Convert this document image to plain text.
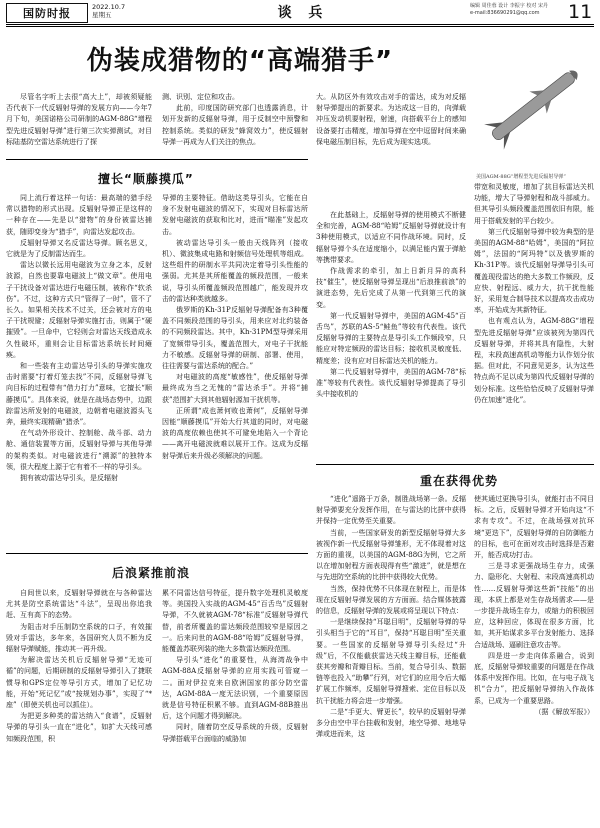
国防时报	2022.10.7
星期五	谈 兵	编辑 周佳蓉 设计 李振宇 校对 宋丹
e-mail:836690291@qq.com	11
伪装成猎物的“高端猎手”
美国AGM-88G“增程型先进反辐射导弹”

尽管名字听上去很“高大上”，却被须疑能否代表下一代反辐射导弹的发展方向——今年7月下旬，美国诺格公司研制的AGM-88G“增程型先进反辐射导弹”进行第三次实弹测试，对目标陆基防空雷达系统进行了探

测、识别、定位和攻击。

此前，印度国防研究部门也透露消息，计划开发新的反辐射导弹，用于反制空中预警和控制系统。类似的研发“蜂窝效力”，使反辐射导弹一再成为人们关注的焦点。

大。从防区外有效攻击对手的雷达，成为对反辐射导弹提出的新要求。为达成这一目的，向弹载冲压发动机要射程，射速，向搭载平台上的感知设备要打击精度，增加导弹在空中逗留时间来确保电磁压制目标，先后成为现实选项。

擅长“顺藤摸瓜”

同上流行着这样一句话：最高端的猎手经常以猎物的形式出现。反辐射导弹正是这样的一种存在——先是以“猎物”的身份被雷达捕获，随即变身为“猎手”，向雷达发起攻击。

反辐射导弹又名反雷达导弹。顾名思义，它就是为了反制雷达而生。

雷达以微长远用电磁波为立身之本，反射波源，自然也要靠电磁波上“做文章”。使用电子干扰设备对雷达进行电磁压制，被称作“软杀伤”。不过，这种方式只“管得了一时”，管不了长久。如果相关技术不过关，还会被对方的电子干扰规避；反辐射导弹实施打击，则属于“硬摧毁”。一旦命中，它轻则会对雷达天线造成永久性破坏，重则会让目标雷达系统长时间瘫痪。

和一些装有主动雷达导引头的导弹实施攻击时需要“打着灯笼去找”不同，反辐射导弹飞向目标的过程带有“借力打力”意味，它擅长“顺藤摸瓜”。具体来说，就是在战场态势中，边跟踪雷达所发射的电磁波，边朝着电磁波源头飞奔，最终实现精确“猎杀”。

在气动外形设计、控制舱、战斗部、动力舱、通信装置等方面，反辐射导弹与其他导弹的架构类似。对电磁波进行“溯源”的独特本领，很大程度上源于它有着不一样的导引头。

拥有被动雷达导引头，是反辐射

导弹的主要特征。借助这类导引头，它能在自身不发射电磁波的情况下，实现对目标雷达所发射电磁波的获取和比对，进而“瞄准”发起攻击。

被动雷达导引头一般由天线阵列（接收机）、微波集成电路和射频信号处理机等组成。这些组件的研制水平共同决定着导引头性能的强弱。尤其是其所能覆盖的频段范围，一般来说，导引头所覆盖频段范围越广，能发现并攻击的雷达种类就越多。

俄罗斯的Kh-31P反辐射导弹配备有3种覆盖不同频段范围的导引头，用来应对北约装备的不同频段雷达。其中，Kh-31PM型导弹采用了宽频带导引头，覆盖范围大，对电子干扰能力不敏感。反辐射导弹的研制、部署、使用，往往需要与雷达系统的配合。”

对电磁波的高度“敏感性”，使反辐射导弹最终成为当之无愧的“雷达杀手”。并将“捕获”范围扩大到其他辐射源加干扰机等。

正所谓“成也萧何败也萧何”，反辐射导弹因能“顺藤摸瓜”开始大行其道的同时，对电磁波的高度依赖也使其不可避免地陷入一个背论——离开电磁波就难以展开工作。这成为反辐射导弹后来升级必须解决的问题。

在此基础上，反辐射导弹的使用模式不断健全和完善，AGM-88“哈姆”反辐射导弹就设计有3种使用模式，以适应不同作战环境。同时，反辐射导弹个头在适度缩小，以满足能内置于弹舱等携带要求。

作战需求的牵引，加上日新月异的高科技“催生”，使反辐射导弹呈现出“后浪推前浪”的演进态势，先后完成了从第一代到第三代的演变。

第一代反辐射导弹中，美国的AGM-45“百舌鸟”，苏联的AS-5“鲑鱼”等较有代表性。该代反辐射导弹的主要特点是导引头工作频段窄，只能应对特定频段的雷达目标；接收机灵敏度低、精度差；没有应对目标雷达关机的能力。

第二代反辐射导弹中，美国的AGM-78“标准”等较有代表性。该代反辐射导弹提高了导引头中接收机的

带宽和灵敏度，增加了抗目标雷达关机功能，增大了导弹射程和战斗部威力。但其导引头频段覆盖范围依旧有限，能用于搭载发射的平台较少。

第三代反辐射导弹中较为典型的是美国的AGM-88“哈姆”，美国的“阿拉姆”，法国的“阿玛特”以及俄罗斯的Kh-31P等。该代反辐射导弹导引头可覆盖现役雷达的绝大多数工作频段，反应快、射程远、威力大，抗干扰性能好，采用复合制导技术以提高攻击成功率，开始成为其新特征。

也有观点认为，AGM-88G“增程型先进反辐射导弹”应该被列为第四代反辐射导弹，并将其具有隐性，大射程，末段高速高机动等能力认作划分依据。但对此，不同意见更多，认为这些特点尚不足以成为第四代反辐射导弹的划分标准。这些恰恰反映了反辐射导弹仍在加速“进化”。

后浪紧推前浪
重在获得优势

自间世以来，反辐射导弹就在与各种雷达尤其是防空系统雷达“斗法”，呈现出你追我赶、互有高下的态势。

为阻击对手压制防空系统的口子，有效摧毁对手雷达，多年来，各国研究人员不断为反辐射导弹赋能，推动其一再升级。

为解决雷达关机后反辐射导弹“无迹可循”的问题，后期研制的反辐射导弹引入了捷联惯导和GPS定位等导引方式，增加了记忆功能，开始“死记忆”或“按规划办事”，实现了“*座”（即使关机也可以抓住）。

为把更多种类的雷达纳入“食谱”，反辐射导弹的导引头一直在“进化”，如扩大天线可感知频段范围，积

累不同雷达信号特征，提升数字处理机灵敏度等。美国投入实战的AGM-45“百舌鸟”反辐射导弹，不久就被AGM-78“标准”反辐射导弹代替，前者所覆盖的雷达频段范围较窄是原因之一。后来问世的AGM-88“哈姆”反辐射导弹，能覆盖苏联列装的绝大多数雷达频段范围。

导引头“进化”的重要性，从海湾战争中AGM-88A反辐射导弹的应用实践可管窥一二。面对伊拉克来自欧洲国家的部分防空雷达，AGM-88A一度无法识别，一个重要原因就是信号特征积累不够。直到AGM-88B推出后，这个问题才得到解决。

同时，随着防空反导系统的升级，反辐射导弹搭载平台面临的威胁加

“进化”遥路于万条，制胜战场第一条。反辐射导弹要充分发挥作用，在与雷达的比拼中获得并保持一定优势至关重要。

当前，一些国家研发的新型反辐射导弹大多被视作新一代反辐射导弹雏形，无不体现着对这方面的重视，以美国的AGM-88G为例，它之所以在增加射程方面表现得有些“激进”，就是想在与先进防空系统的比拼中获得较大优势。

当然，保持优势不只体现在射程上，而是体现在反辐射导弹发展的方方面面。结合媒体披露的信息，反辐射导弹的发展或将呈现以下特点：

一是继续保持“耳聪目明”，反辐射导弹的导引头相当于它的“耳目”，保持“耳聪目明”至关重要。一些国家的反辐射导弹导引头经过“升级”后，不仅能截获雷达天线主瓣目标，还能截获其旁瓣和背瓣目标。当前，复合导引头、数据链等也投入“助攀”行列，对它们的应用令后大幅扩展工作频率，反辐射导弹搜索、定位目标以及抗干扰能力将会进一步增强。

二是“手更大、臂更长”，较早的反辐射导弹多分由空中平台挂载和发射，地空导弹、地地导弹或进而来，这

使其通过更换导引头，就能打击不同目标。之后，反辐射导弹才开始向这“不求有专攻”。不过，在战场强对抗环境“更迭下”，反辐射导弹的自防御能力的目标，也可在面对攻击时选择是否避开，能否成功打击。

三是寻求更强战场生存力，成强力、隐形化、大射程、末段高速高机动性……反辐射导弹这些新“技能”的出现，本质上都是对生存战场需求——是一步提升战场生存力，或缩力的积极回应，这种回应，体现在很多方面，比如，其开始谋求多平台发射能力、选择合适战场、逼刷注意攻击等。

四是进一步走向体系融合，说到底，反辐射导弹较重要的问题是在作战体系中发挥作用。比如，在与电子战飞机“合力”，把反辐射导弹纳入作战体系，已成为一个重要思路。

（据《解放军报》）
